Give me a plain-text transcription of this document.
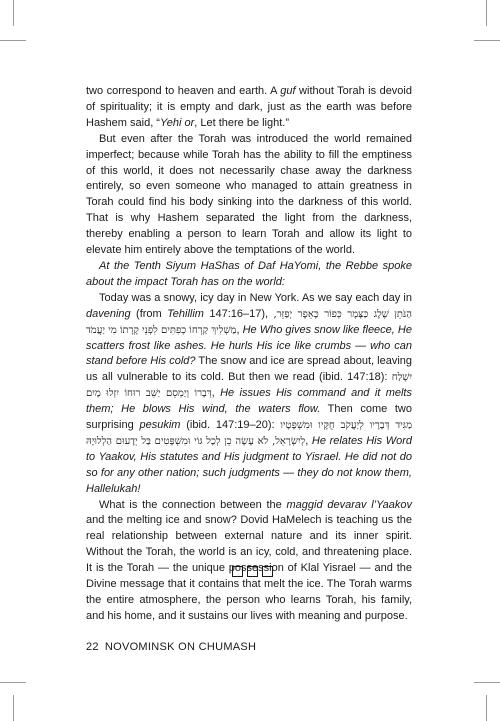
two correspond to heaven and earth. A guf without Torah is devoid of spirituality; it is empty and dark, just as the earth was before Hashem said, “Yehi or, Let there be light.”

But even after the Torah was introduced the world remained imperfect; because while Torah has the ability to fill the emptiness of this world, it does not necessarily chase away the darkness entirely, so even someone who managed to attain greatness in Torah could find his body sinking into the darkness of this world. That is why Hashem separated the light from the darkness, thereby enabling a person to learn Torah and allow its light to elevate him entirely above the temptations of the world.

At the Tenth Siyum HaShas of Daf HaYomi, the Rebbe spoke about the impact Torah has on the world:

Today was a snowy, icy day in New York. As we say each day in davening (from Tehillim 147:16–17), הַנֹּתֵן שֶׁלֶג כַּצָּמֶר כְּפוֹר כָּאֵפֶר יְפַזֵּר, מַשְׁלִיךְ קַרְחוֹ כְפִתִּים לִפְנֵי קָרָתוֹ מִי יַעֲמֹד, He Who gives snow like fleece, He scatters frost like ashes. He hurls His ice like crumbs — who can stand before His cold? The snow and ice are spread about, leaving us all vulnerable to its cold. But then we read (ibid. 147:18): יִשְׁלַח דְּבָרוֹ וְיַמְסֵם יַשֵּׁב רוּחוֹ יִזְלוּ מָיִם, He issues His command and it melts them; He blows His wind, the waters flow. Then come two surprising pesukim (ibid. 147:19–20): מַגִּיד דְּבָרָיו לְיַעֲקֹב חֻקָּיו וּמִשְׁפָּטָיו לְיִשְׂרָאֵל, לֹא עָשָׂה כֵן לְכָל גּוֹי וּמִשְׁפָּטִים בַּל יְדָעוּם הַלְלוּיָהּ, He relates His Word to Yaakov, His statutes and His judgment to Yisrael. He did not do so for any other nation; such judgments — they do not know them, Hallelukah!

What is the connection between the maggid devarav l’Yaakov and the melting ice and snow? Dovid HaMelech is teaching us the real relationship between external nature and its inner spirit. Without the Torah, the world is an icy, cold, and threatening place. It is the Torah — the unique possession of Klal Yisrael — and the Divine message that it contains that melt the ice. The Torah warms the entire atmosphere, the person who learns Torah, his family, and his home, and it sustains our lives with meaning and purpose.

22 NOVOMINSK ON CHUMASH
